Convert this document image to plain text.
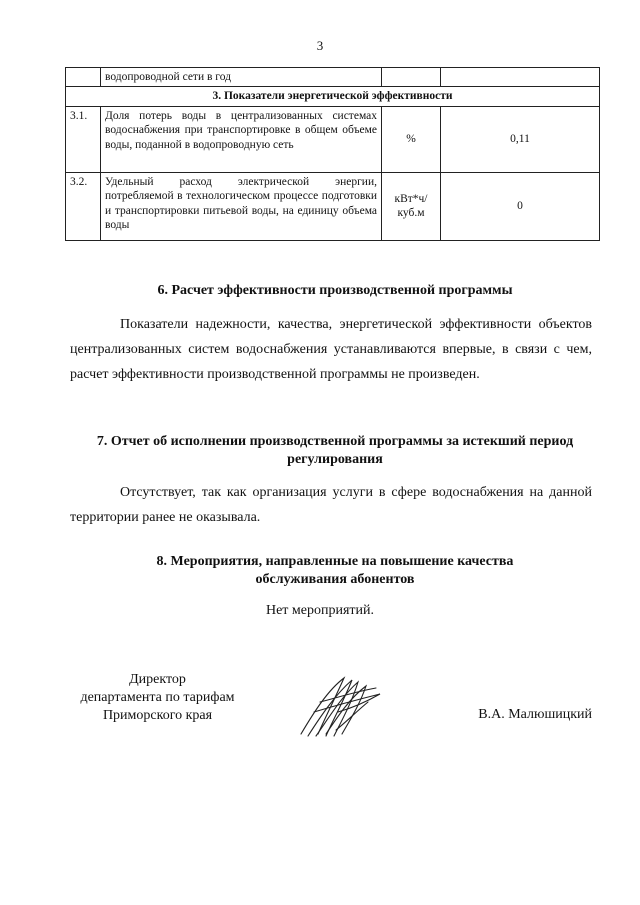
3
	водопроводной сети в год		
3. Показатели энергетической эффективности			
3.1.	Доля потерь воды в централизованных системах водоснабжения при транспортировке в общем объеме воды, поданной в водопроводную сеть	%	0,11
3.2.	Удельный расход электрической энергии, потребляемой в технологическом процессе подготовки и транспортировки питьевой воды, на единицу объема воды	кВт*ч/ куб.м	0
6. Расчет эффективности производственной программы
Показатели надежности, качества, энергетической эффективности объектов централизованных систем водоснабжения устанавливаются впервые, в связи с чем, расчет эффективности производственной программы не произведен.
7. Отчет об исполнении производственной программы за истекший период регулирования
Отсутствует, так как организация услуги в сфере водоснабжения на данной территории ранее не оказывала.
8. Мероприятия, направленные на повышение качества обслуживания абонентов
Нет мероприятий.
Директор
департамента по тарифам
Приморского края	В.А. Малюшицкий
